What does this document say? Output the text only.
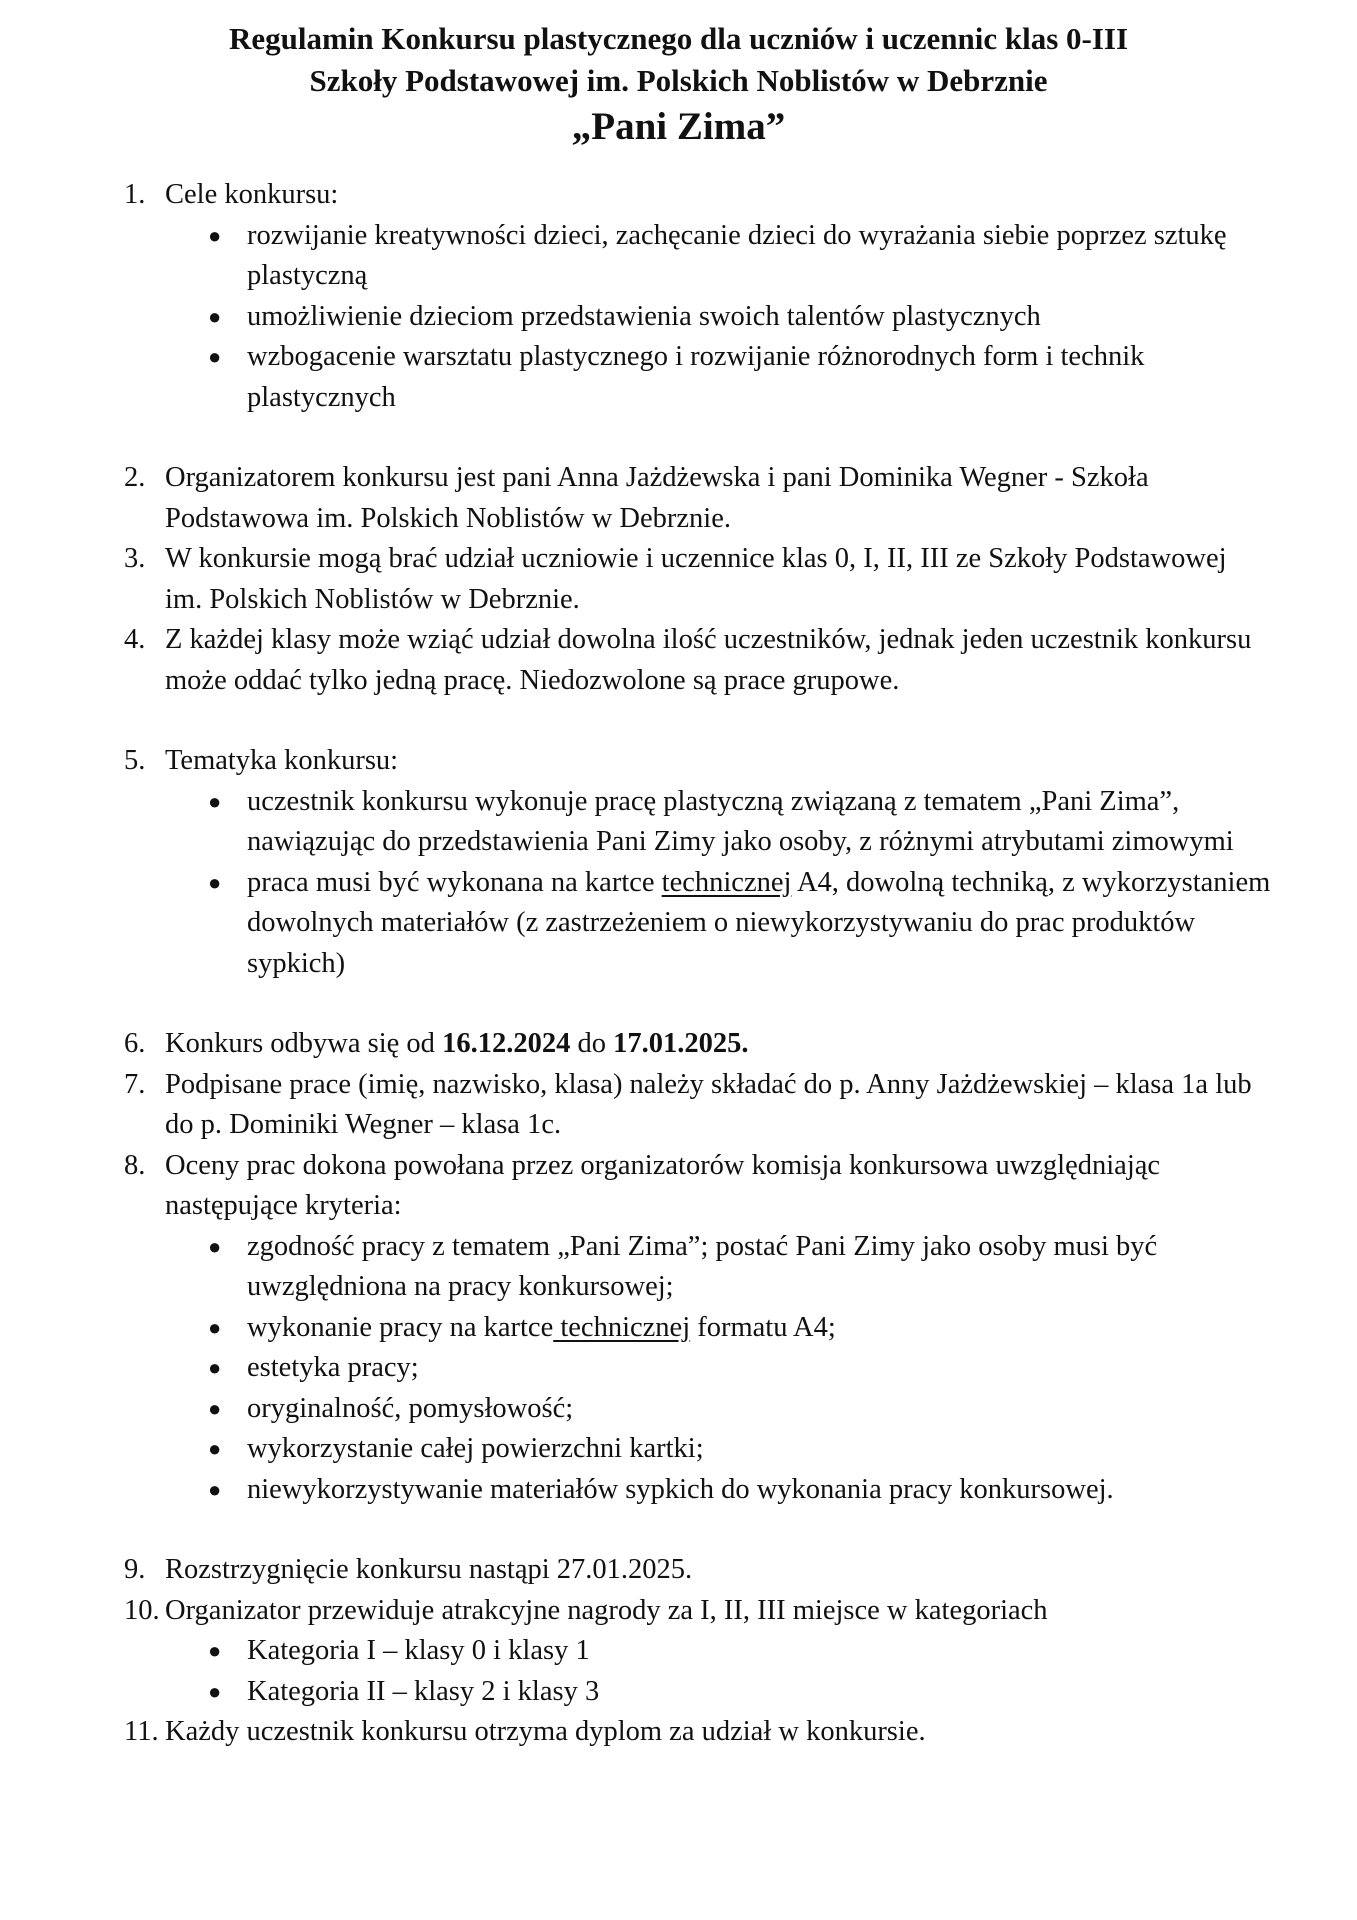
Regulamin Konkursu plastycznego dla uczniów i uczennic klas 0-III
Szkoły Podstawowej im. Polskich Noblistów w Debrznie
„Pani Zima”
1. Cele konkursu:
● rozwijanie kreatywności dzieci, zachęcanie dzieci do wyrażania siebie poprzez sztukę plastyczną
● umożliwienie dzieciom przedstawienia swoich talentów plastycznych
● wzbogacenie warsztatu plastycznego i rozwijanie różnorodnych form i technik plastycznych
2. Organizatorem konkursu jest pani Anna Jażdżewska i pani Dominika Wegner - Szkoła Podstawowa im. Polskich Noblistów w Debrznie.
3. W konkursie mogą brać udział uczniowie i uczennice klas 0, I, II, III ze Szkoły Podstawowej im. Polskich Noblistów w Debrznie.
4. Z każdej klasy może wziąć udział dowolna ilość uczestników, jednak jeden uczestnik konkursu może oddać tylko jedną pracę. Niedozwolone są prace grupowe.
5. Tematyka konkursu:
● uczestnik konkursu wykonuje pracę plastyczną związaną z tematem „Pani Zima”, nawiązując do przedstawienia Pani Zimy jako osoby, z różnymi atrybutami zimowymi
● praca musi być wykonana na kartce technicznej A4, dowolną techniką, z wykorzystaniem dowolnych materiałów (z zastrzeżeniem o niewykorzystywaniu do prac produktów sypkich)
6. Konkurs odbywa się od 16.12.2024 do 17.01.2025.
7. Podpisane prace (imię, nazwisko, klasa) należy składać do p. Anny Jażdżewskiej – klasa 1a lub do p. Dominiki Wegner – klasa 1c.
8. Oceny prac dokona powołana przez organizatorów komisja konkursowa uwzględniając następujące kryteria:
● zgodność pracy z tematem „Pani Zima”; postać Pani Zimy jako osoby musi być uwzględniona na pracy konkursowej;
● wykonanie pracy na kartce technicznej formatu A4;
● estetyka pracy;
● oryginalność, pomysłowość;
● wykorzystanie całej powierzchni kartki;
● niewykorzystywanie materiałów sypkich do wykonania pracy konkursowej.
9. Rozstrzygnięcie konkursu nastąpi 27.01.2025.
10. Organizator przewiduje atrakcyjne nagrody za I, II, III miejsce w kategoriach
● Kategoria I – klasy 0 i klasy 1
● Kategoria II – klasy 2 i klasy 3
11. Każdy uczestnik konkursu otrzyma dyplom za udział w konkursie.
